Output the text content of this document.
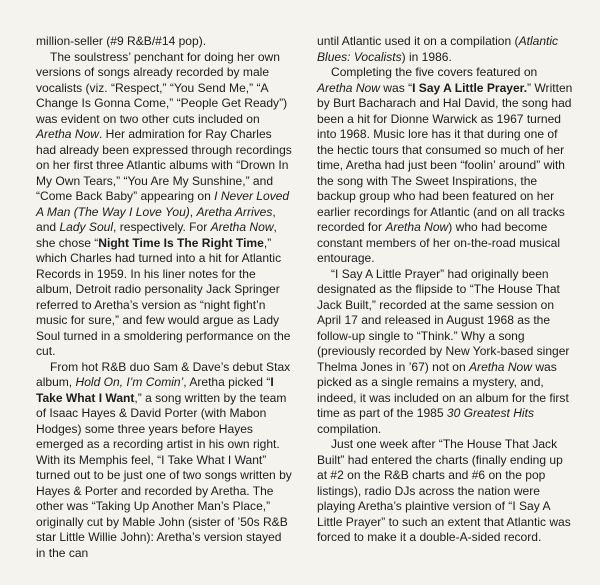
million-seller (#9 R&B/#14 pop).

The soulstress’ penchant for doing her own versions of songs already recorded by male vocalists (viz. “Respect,” “You Send Me,” “A Change Is Gonna Come,” “People Get Ready”) was evident on two other cuts included on Aretha Now. Her admiration for Ray Charles had already been expressed through recordings on her first three Atlantic albums with “Drown In My Own Tears,” “You Are My Sunshine,” and “Come Back Baby” appearing on I Never Loved A Man (The Way I Love You), Aretha Arrives, and Lady Soul, respectively. For Aretha Now, she chose “Night Time Is The Right Time,” which Charles had turned into a hit for Atlantic Records in 1959. In his liner notes for the album, Detroit radio personality Jack Springer referred to Aretha’s version as “night fight’n music for sure,” and few would argue as Lady Soul turned in a smoldering performance on the cut.

From hot R&B duo Sam & Dave’s debut Stax album, Hold On, I’m Comin’, Aretha picked “I Take What I Want,” a song written by the team of Isaac Hayes & David Porter (with Mabon Hodges) some three years before Hayes emerged as a recording artist in his own right. With its Memphis feel, “I Take What I Want” turned out to be just one of two songs written by Hayes & Porter and recorded by Aretha. The other was “Taking Up Another Man’s Place,” originally cut by Mable John (sister of ’50s R&B star Little Willie John): Aretha’s version stayed in the can

until Atlantic used it on a compilation (Atlantic Blues: Vocalists) in 1986.

Completing the five covers featured on Aretha Now was “I Say A Little Prayer.” Written by Burt Bacharach and Hal David, the song had been a hit for Dionne Warwick as 1967 turned into 1968. Music lore has it that during one of the hectic tours that consumed so much of her time, Aretha had just been “foolin’ around” with the song with The Sweet Inspirations, the backup group who had been featured on her earlier recordings for Atlantic (and on all tracks recorded for Aretha Now) who had become constant members of her on-the-road musical entourage.

“I Say A Little Prayer” had originally been designated as the flipside to “The House That Jack Built,” recorded at the same session on April 17 and released in August 1968 as the follow-up single to “Think.” Why a song (previously recorded by New York-based singer Thelma Jones in ’67) not on Aretha Now was picked as a single remains a mystery, and, indeed, it was included on an album for the first time as part of the 1985 30 Greatest Hits compilation.

Just one week after “The House That Jack Built” had entered the charts (finally ending up at #2 on the R&B charts and #6 on the pop listings), radio DJs across the nation were playing Aretha’s plaintive version of “I Say A Little Prayer” to such an extent that Atlantic was forced to make it a double-A-sided record.
